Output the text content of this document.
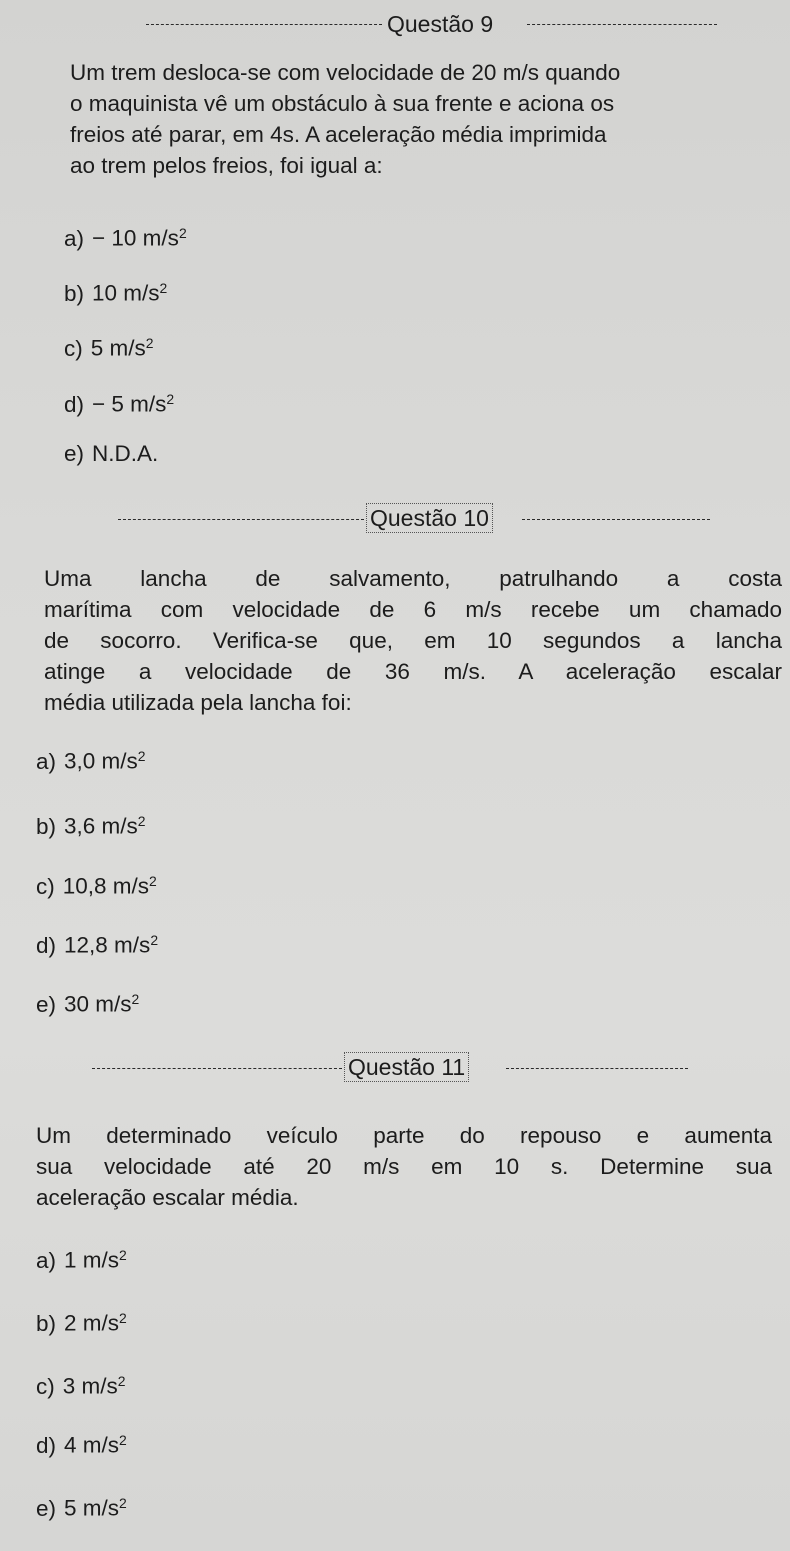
Questão 9

Um trem desloca-se com velocidade de 20 m/s quando

o maquinista vê um obstáculo à sua frente e aciona os

freios até parar, em 4s. A aceleração média imprimida

ao trem pelos freios, foi igual a:

a) − 10 $m/s^2$
b) 10 $m/s^2$
c) 5 $m/s^2$
d) − 5 $m/s^2$
e) N.D.A.
Questão 10

Uma lancha de salvamento, patrulhando a costa

marítima com velocidade de 6 m/s recebe um chamado

de socorro. Verifica-se que, em 10 segundos a lancha

atinge a velocidade de 36 m/s. A aceleração escalar

média utilizada pela lancha foi:

a) 3,0 $m/s^2$
b) 3,6 $m/s^2$
c) 10,8 $m/s^2$
d) 12,8 $m/s^2$
e) 30 $m/s^2$
Questão 11

Um determinado veículo parte do repouso e aumenta

sua velocidade até 20 m/s em 10 s. Determine sua

aceleração escalar média.

a) 1 $m/s^2$
b) 2 $m/s^2$
c) 3 $m/s^2$
d) 4 $m/s^2$
e) 5 $m/s^2$
